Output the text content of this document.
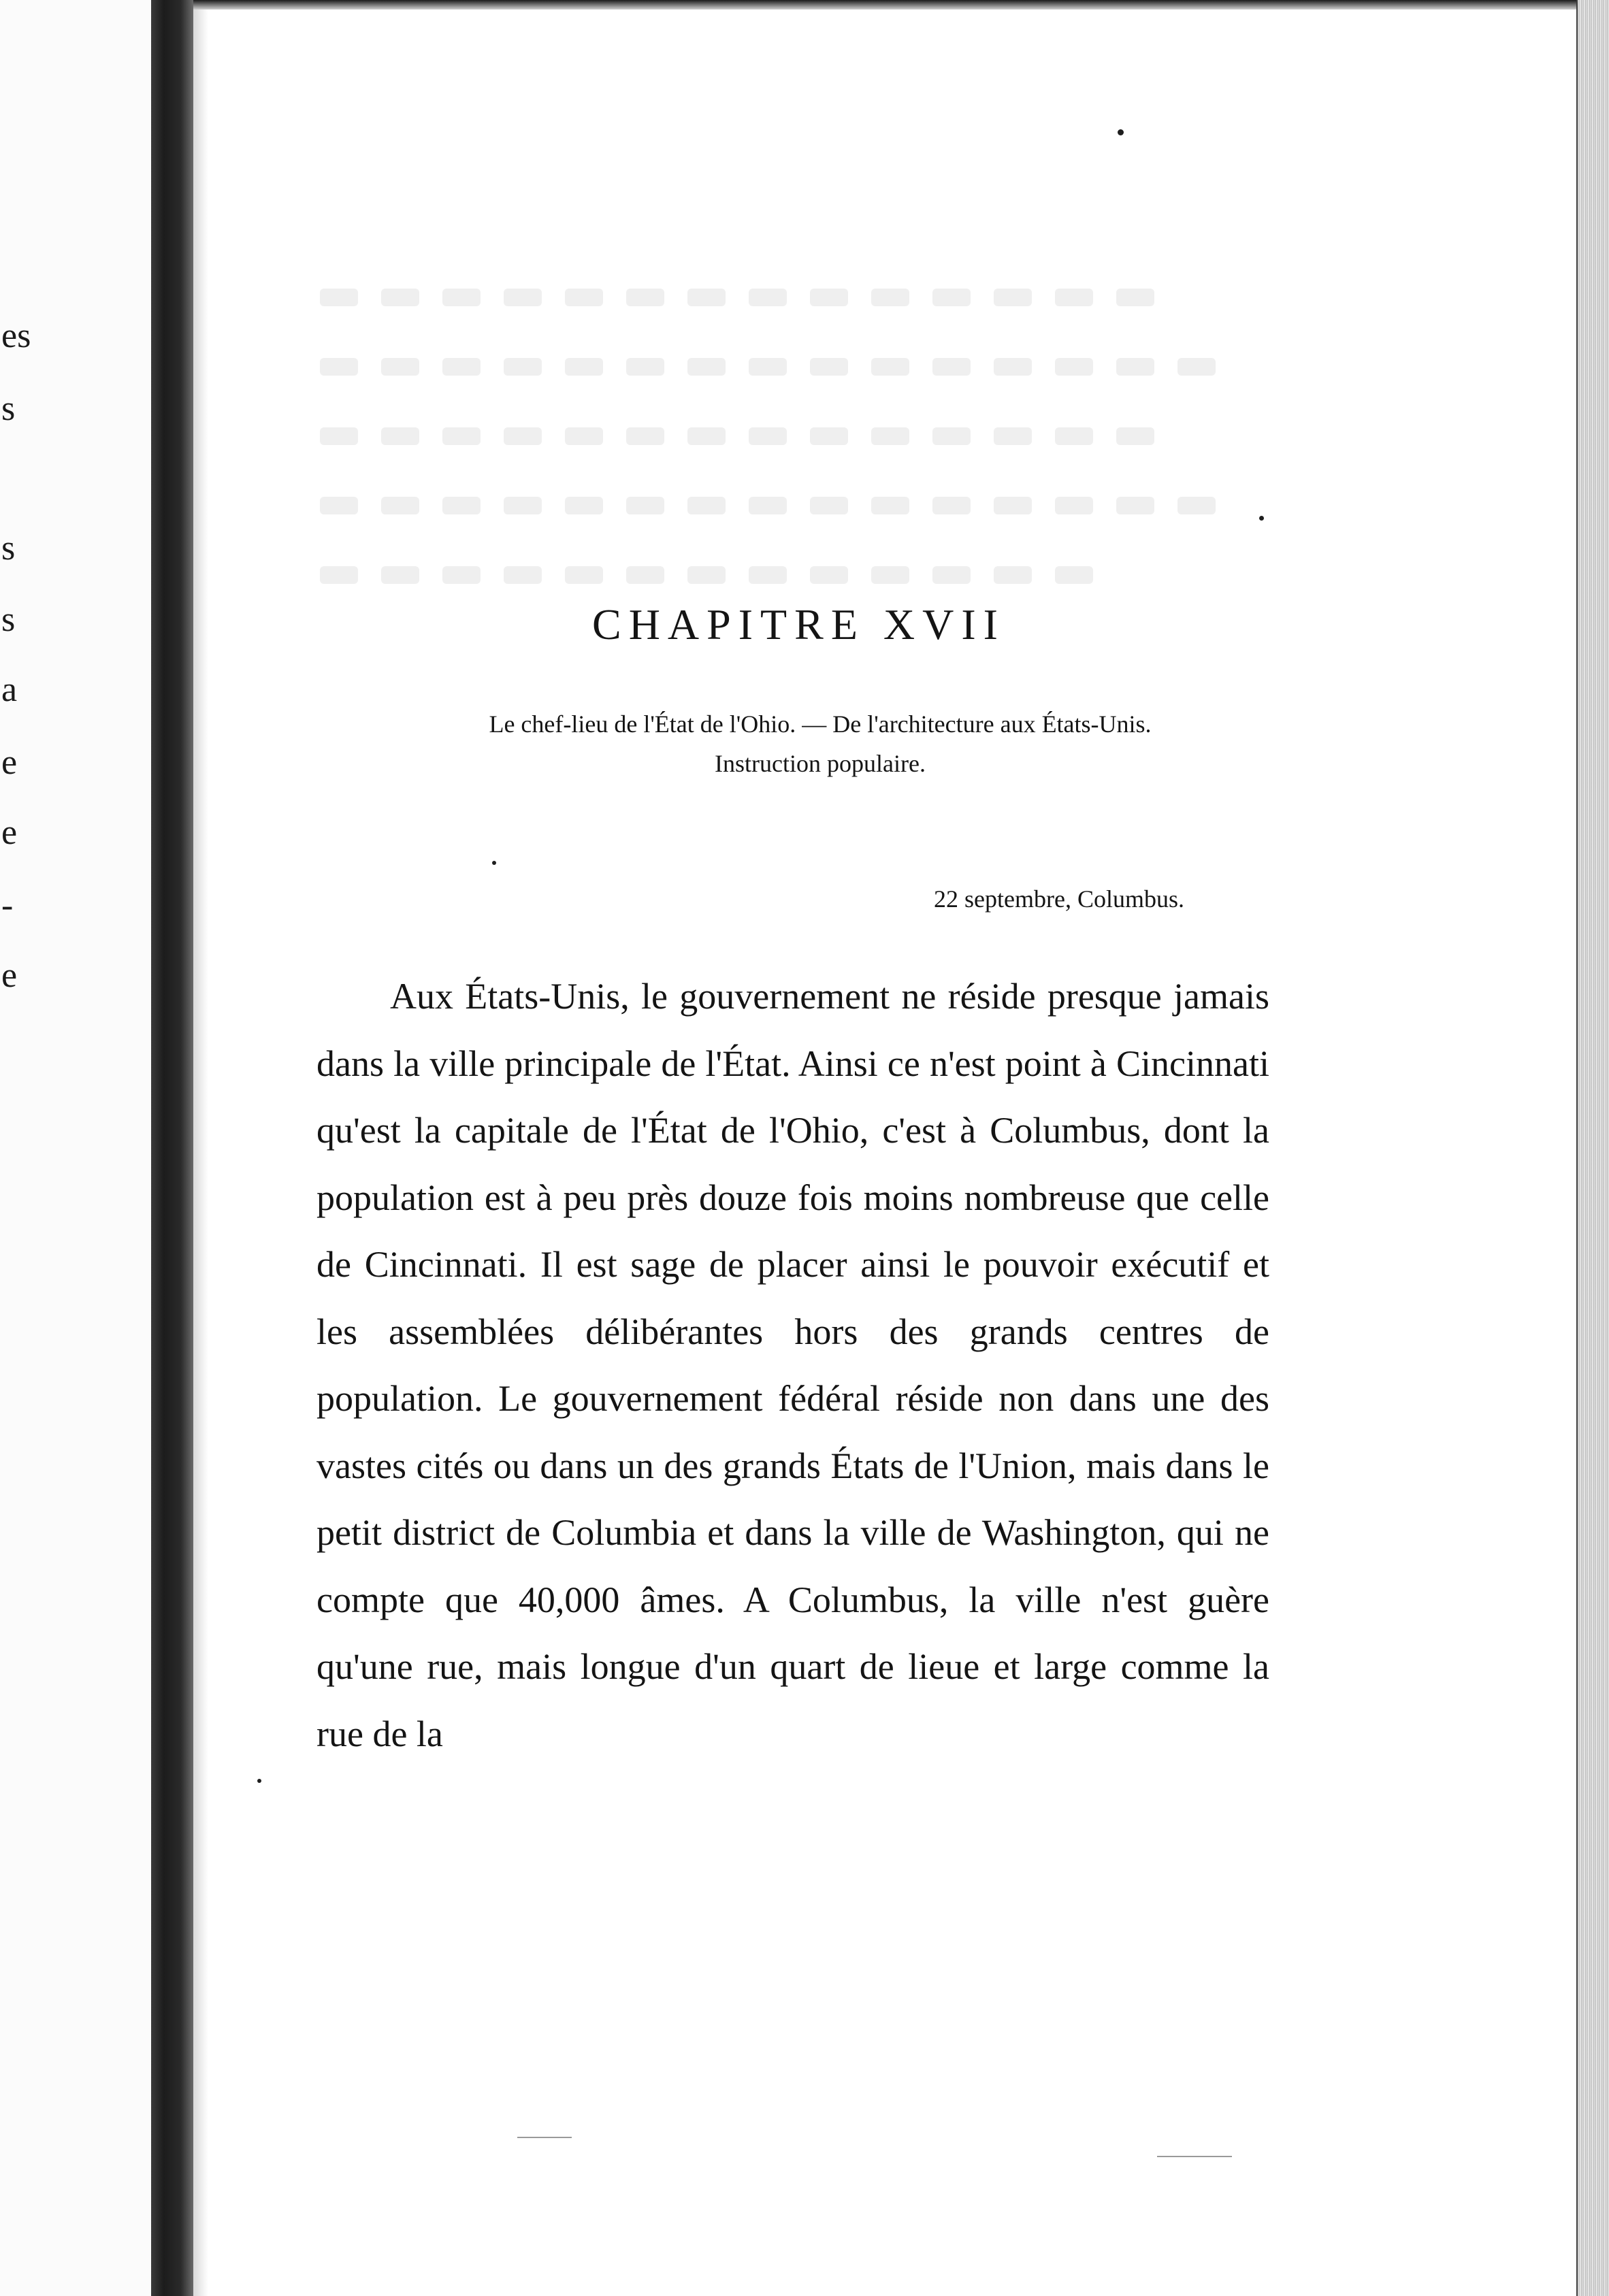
es
s
s
s
a
e
e
-
e
CHAPITRE XVII
Le chef-lieu de l'État de l'Ohio. — De l'architecture aux États-Unis.
Instruction populaire.
22 septembre, Columbus.

Aux États-Unis, le gouvernement ne réside presque jamais dans la ville principale de l'État. Ainsi ce n'est point à Cincinnati qu'est la capitale de l'État de l'Ohio, c'est à Columbus, dont la population est à peu près douze fois moins nombreuse que celle de Cincinnati. Il est sage de placer ainsi le pouvoir exécutif et les assemblées délibérantes hors des grands centres de population. Le gouvernement fédéral réside non dans une des vastes cités ou dans un des grands États de l'Union, mais dans le petit district de Columbia et dans la ville de Washington, qui ne compte que 40,000 âmes. A Columbus, la ville n'est guère qu'une rue, mais longue d'un quart de lieue et large comme la rue de la
